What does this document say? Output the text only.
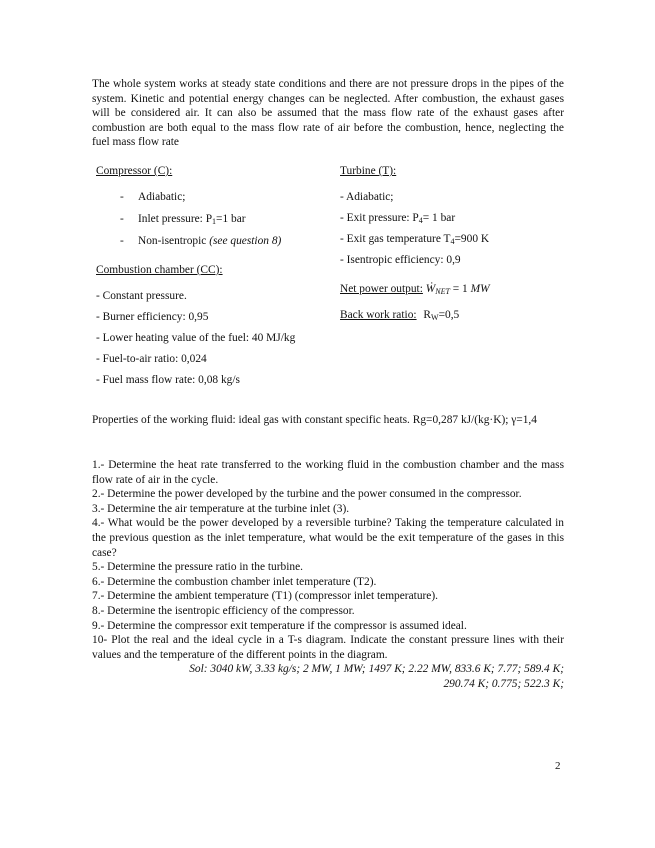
The whole system works at steady state conditions and there are not pressure drops in the pipes of the system. Kinetic and potential energy changes can be neglected. After combustion, the exhaust gases will be considered air. It can also be assumed that the mass flow rate of the exhaust gases after combustion are both equal to the mass flow rate of air before the combustion, hence, neglecting the fuel mass flow rate

Compressor (C):
- Adiabatic;
- Inlet pressure: $P_1=1$ bar
- Non-isentropic (see question 8)
Combustion chamber (CC):
- Constant pressure.
- Burner efficiency: 0,95
- Lower heating value of the fuel: 40 MJ/kg
- Fuel-to-air ratio: 0,024
- Fuel mass flow rate: 0,08 kg/s
Turbine (T):
- Adiabatic;
- Exit pressure: $P_4= 1$ bar
- Exit gas temperature $T_4=900$ K
- Isentropic efficiency: 0,9
Net power output: Ẇ$_{NET}$ = 1 MW
Back work ratio: $R_W=0,5$

Properties of the working fluid: ideal gas with constant specific heats. Rg=0,287 kJ/(kg·K); γ=1,4

1.- Determine the heat rate transferred to the working fluid in the combustion chamber and the mass flow rate of air in the cycle.

2.- Determine the power developed by the turbine and the power consumed in the compressor.

3.- Determine the air temperature at the turbine inlet (3).

4.- What would be the power developed by a reversible turbine? Taking the temperature calculated in the previous question as the inlet temperature, what would be the exit temperature of the gases in this case?

5.- Determine the pressure ratio in the turbine.

6.- Determine the combustion chamber inlet temperature (T2).

7.- Determine the ambient temperature (T1) (compressor inlet temperature).

8.- Determine the isentropic efficiency of the compressor.

9.- Determine the compressor exit temperature if the compressor is assumed ideal.

10- Plot the real and the ideal cycle in a T-s diagram. Indicate the constant pressure lines with their values and the temperature of the different points in the diagram.

Sol: 3040 kW, 3.33 kg/s; 2 MW, 1 MW; 1497 K; 2.22 MW, 833.6 K; 7.77; 589.4 K;

290.74 K; 0.775; 522.3 K;

2
